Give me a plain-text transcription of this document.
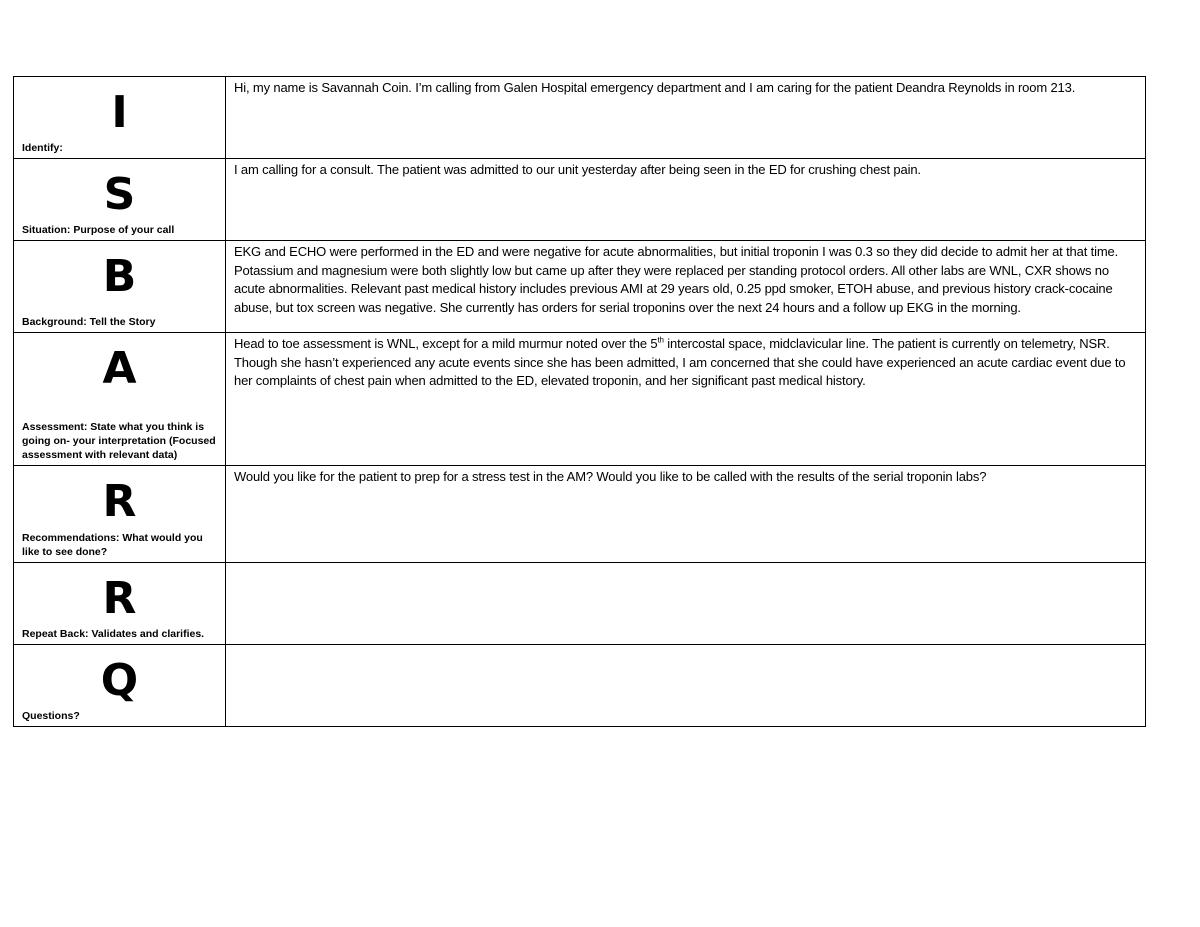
I
Identify:	Hi, my name is Savannah Coin. I’m calling from Galen Hospital emergency department and I am caring for the patient Deandra Reynolds in room 213.

S
Situation: Purpose of your call	I am calling for a consult. The patient was admitted to our unit yesterday after being seen in the ED for crushing chest pain.

B
Background: Tell the Story	EKG and ECHO were performed in the ED and were negative for acute abnormalities, but initial troponin I was 0.3 so they did decide to admit her at that time. Potassium and magnesium were both slightly low but came up after they were replaced per standing protocol orders. All other labs are WNL, CXR shows no acute abnormalities. Relevant past medical history includes previous AMI at 29 years old, 0.25 ppd smoker, ETOH abuse, and previous history crack-cocaine abuse, but tox screen was negative. She currently has orders for serial troponins over the next 24 hours and a follow up EKG in the morning.

A
Assessment: State what you think is going on- your interpretation (Focused assessment with relevant data)	Head to toe assessment is WNL, except for a mild murmur noted over the 5th intercostal space, midclavicular line. The patient is currently on telemetry, NSR. Though she hasn’t experienced any acute events since she has been admitted, I am concerned that she could have experienced an acute cardiac event due to her complaints of chest pain when admitted to the ED, elevated troponin, and her significant past medical history.

R
Recommendations: What would you like to see done?	Would you like for the patient to prep for a stress test in the AM? Would you like to be called with the results of the serial troponin labs?

R
Repeat Back: Validates and clarifies.	

Q
Questions?	
